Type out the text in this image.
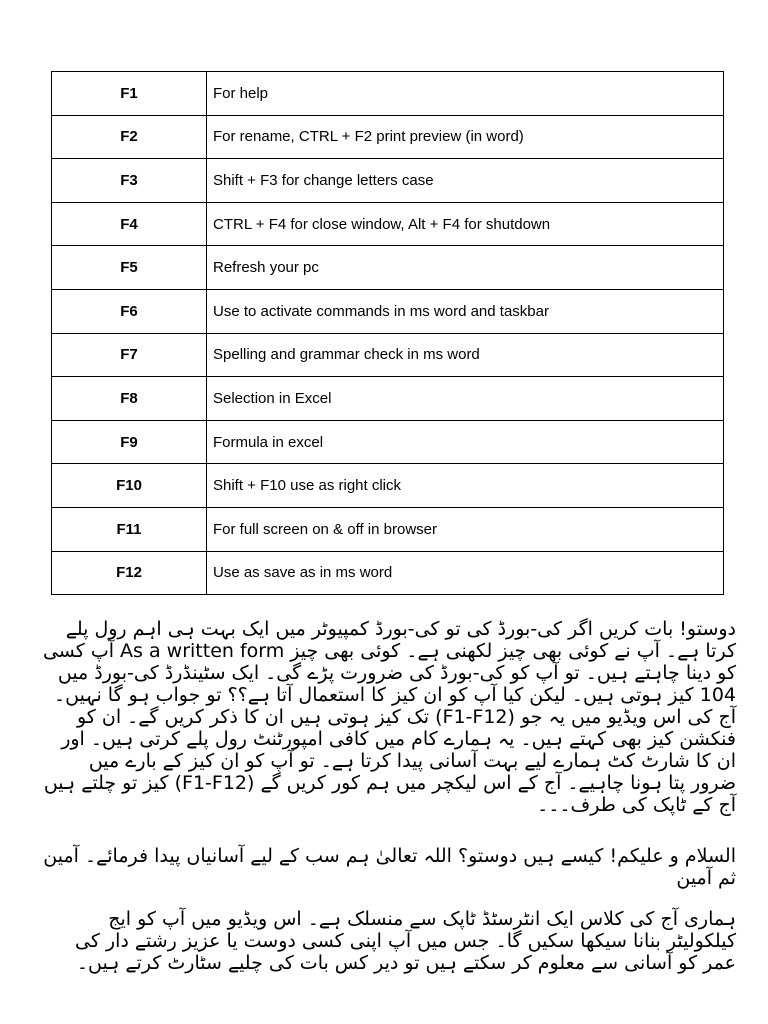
F1	For help
F2	For rename, CTRL + F2 print preview (in word)
F3	Shift + F3 for change letters case
F4	CTRL + F4 for close window, Alt + F4 for shutdown
F5	Refresh your pc
F6	Use to activate commands in ms word and taskbar
F7	Spelling and grammar check in ms word
F8	Selection in Excel
F9	Formula in excel
F10	Shift + F10 use as right click
F11	For full screen on & off in browser
F12	Use as save as in ms word

دوستو! بات کریں اگر کی-بورڈ کی تو کی-بورڈ کمپیوٹر میں ایک بہت ہی اہم رول پلے کرتا ہے۔ آپ نے کوئی بھی چیز لکھنی ہے۔ کوئی بھی چیز As a written form آپ کسی کو دینا چاہتے ہیں۔ تو آپ کو کی-بورڈ کی ضرورت پڑے گی۔ ایک سٹینڈرڈ کی-بورڈ میں 104 کیز ہوتی ہیں۔ لیکن کیا آپ کو ان کیز کا استعمال آتا ہے؟؟ تو جواب ہو گا نہیں۔ آج کی اس ویڈیو میں یہ جو (F1-F12) تک کیز ہوتی ہیں ان کا ذکر کریں گے۔ ان کو فنکشن کیز بھی کہتے ہیں۔ یہ ہمارے کام میں کافی امپورٹنٹ رول پلے کرتی ہیں۔ اور ان کا شارٹ کٹ ہمارے لیے بہت آسانی پیدا کرتا ہے۔ تو آپ کو ان کیز کے بارے میں ضرور پتا ہونا چاہیے۔ آج کے اس لیکچر میں ہم کور کریں گے (F1-F12) کیز تو چلتے ہیں آج کے ٹاپک کی طرف۔۔۔

السلام و علیکم! کیسے ہیں دوستو؟ اللہ تعالیٰ ہم سب کے لیے آسانیاں پیدا فرمائے۔ آمین ثم آمین

ہماری آج کی کلاس ایک انٹرسٹڈ ٹاپک سے منسلک ہے۔ اس ویڈیو میں آپ کو ایج کیلکولیٹر بنانا سیکھا سکیں گا۔ جس میں آپ اپنی کسی دوست یا عزیز رشتے دار کی عمر کو آسانی سے معلوم کر سکتے ہیں تو دیر کس بات کی چلیے سٹارٹ کرتے ہیں۔
